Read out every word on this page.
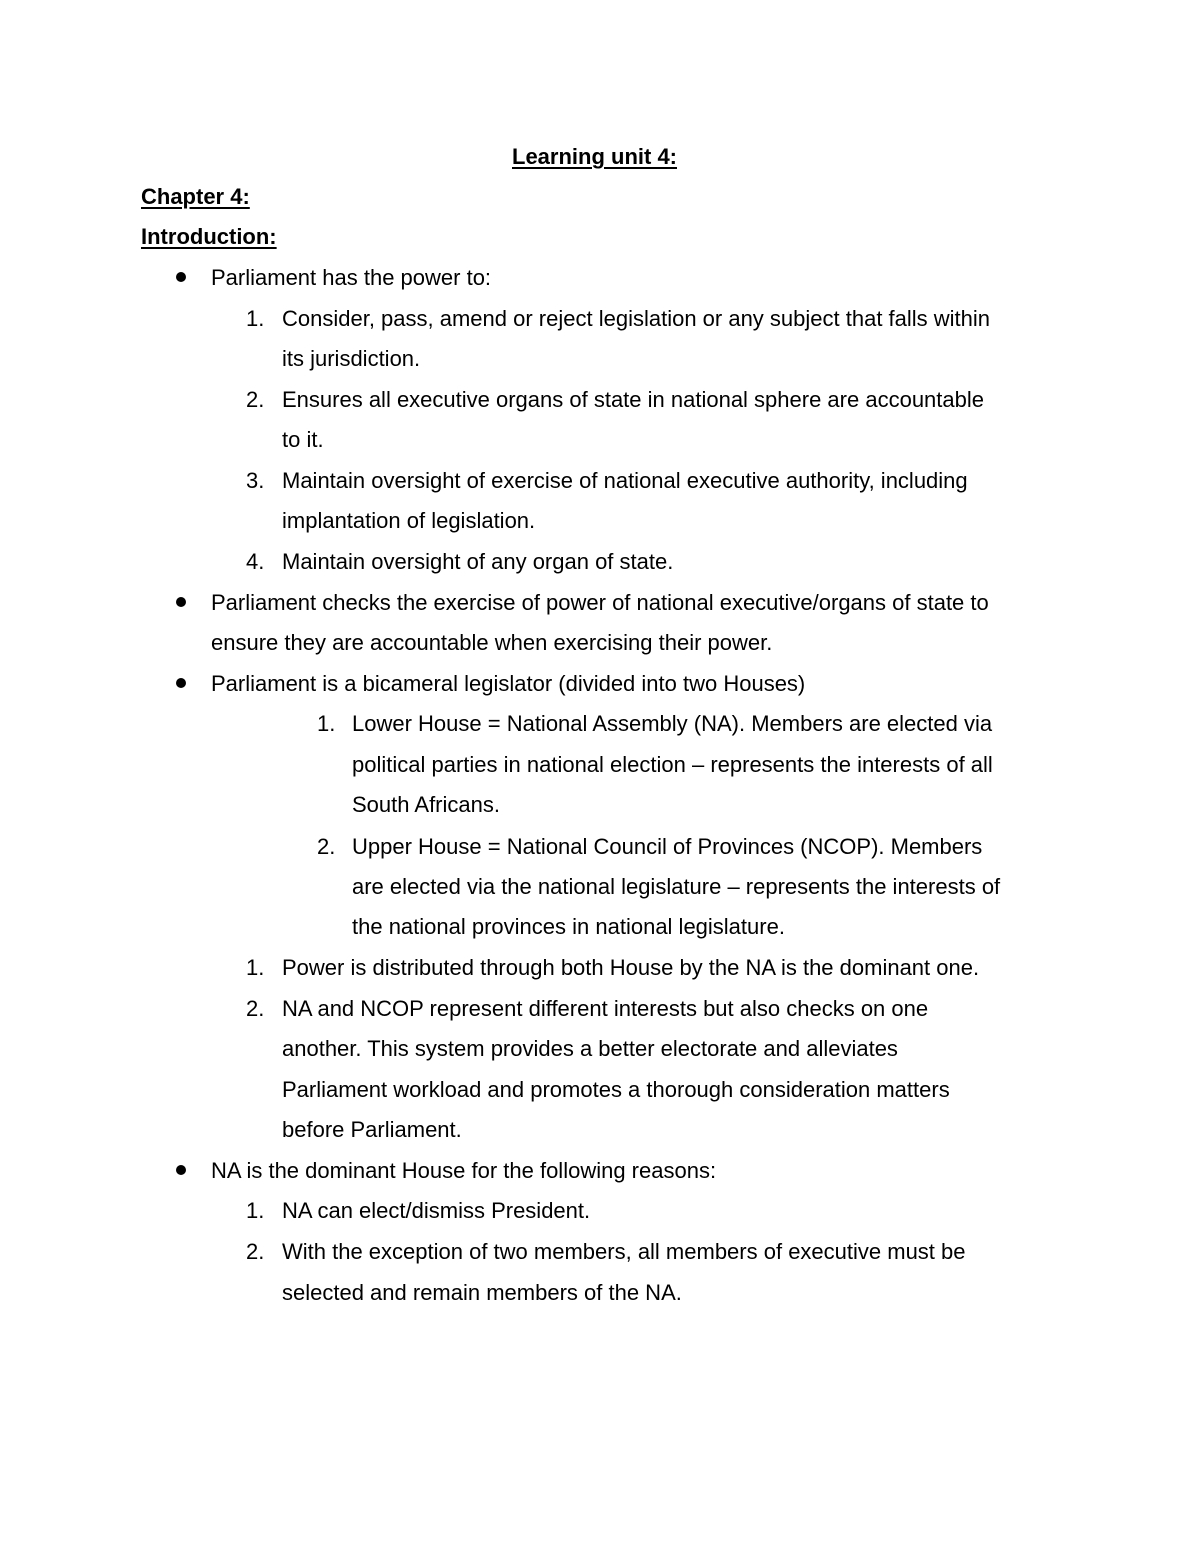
Learning unit 4:
Chapter 4:
Introduction:
Parliament has the power to:
1. Consider, pass, amend or reject legislation or any subject that falls within
its jurisdiction.
2. Ensures all executive organs of state in national sphere are accountable
to it.
3. Maintain oversight of exercise of national executive authority, including
implantation of legislation.
4. Maintain oversight of any organ of state.
Parliament checks the exercise of power of national executive/organs of state to
ensure they are accountable when exercising their power.
Parliament is a bicameral legislator (divided into two Houses)
1. Lower House = National Assembly (NA). Members are elected via
political parties in national election – represents the interests of all
South Africans.
2. Upper House = National Council of Provinces (NCOP). Members
are elected via the national legislature – represents the interests of
the national provinces in national legislature.
1. Power is distributed through both House by the NA is the dominant one.
2. NA and NCOP represent different interests but also checks on one
another. This system provides a better electorate and alleviates
Parliament workload and promotes a thorough consideration matters
before Parliament.
NA is the dominant House for the following reasons:
1. NA can elect/dismiss President.
2. With the exception of two members, all members of executive must be
selected and remain members of the NA.
